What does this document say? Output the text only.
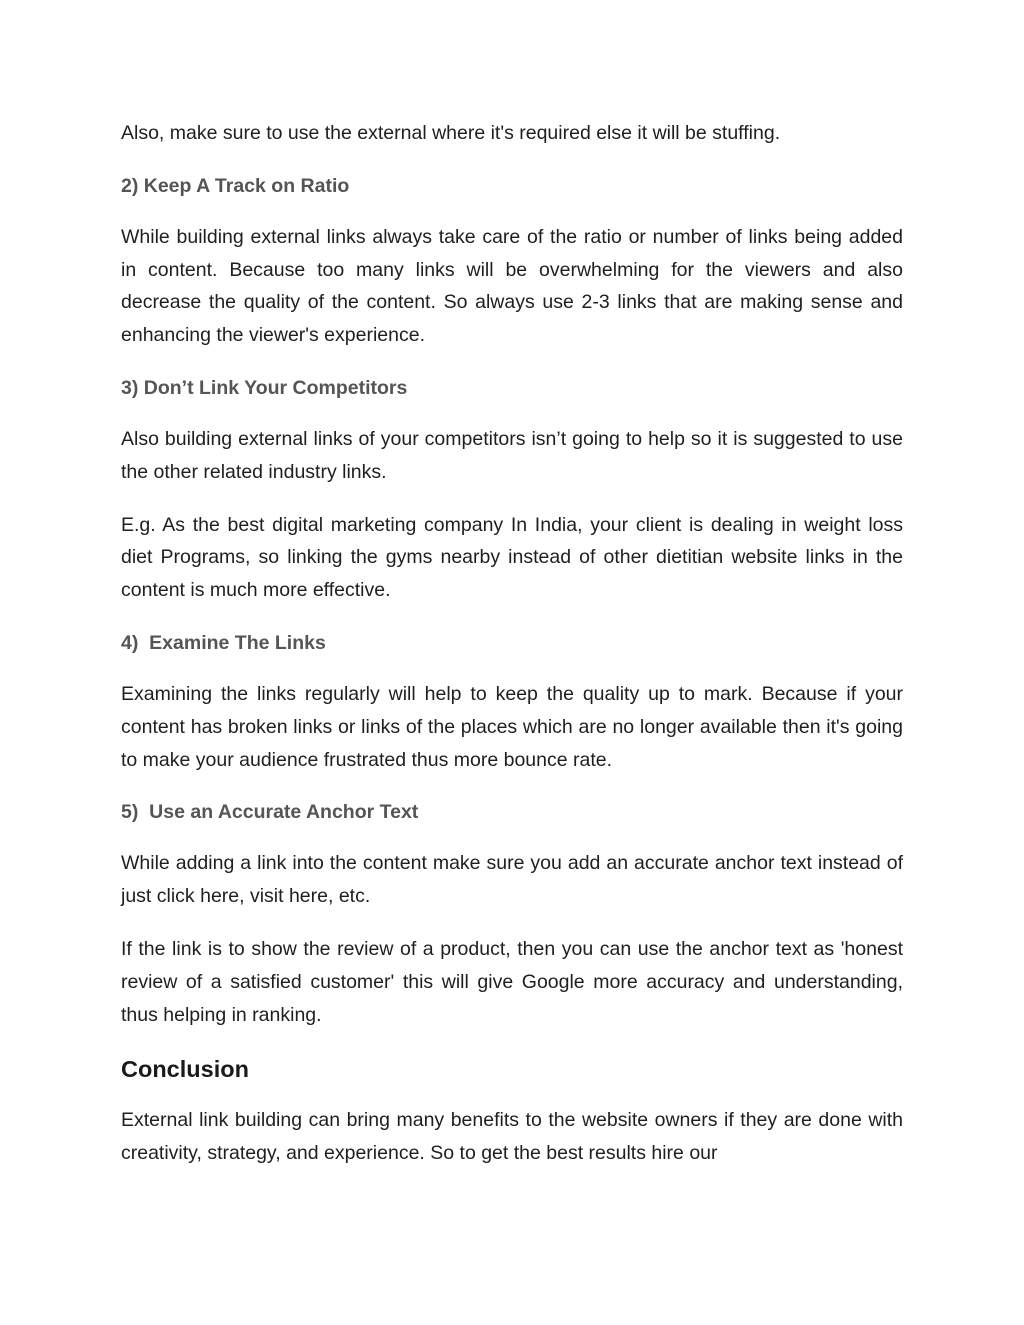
Also, make sure to use the external where it's required else it will be stuffing.

2) Keep A Track on Ratio

While building external links always take care of the ratio or number of links being added in content. Because too many links will be overwhelming for the viewers and also decrease the quality of the content. So always use 2-3 links that are making sense and enhancing the viewer's experience.

3) Don’t Link Your Competitors

Also building external links of your competitors isn’t going to help so it is suggested to use the other related industry links.

E.g. As the best digital marketing company In India, your client is dealing in weight loss diet Programs, so linking the gyms nearby instead of other dietitian website links in the content is much more effective.

4)  Examine The Links

Examining the links regularly will help to keep the quality up to mark. Because if your content has broken links or links of the places which are no longer available then it's going to make your audience frustrated thus more bounce rate.

5)  Use an Accurate Anchor Text

While adding a link into the content make sure you add an accurate anchor text instead of just click here, visit here, etc.

If the link is to show the review of a product, then you can use the anchor text as 'honest review of a satisfied customer' this will give Google more accuracy and understanding, thus helping in ranking.

Conclusion

External link building can bring many benefits to the website owners if they are done with creativity, strategy, and experience. So to get the best results hire our
